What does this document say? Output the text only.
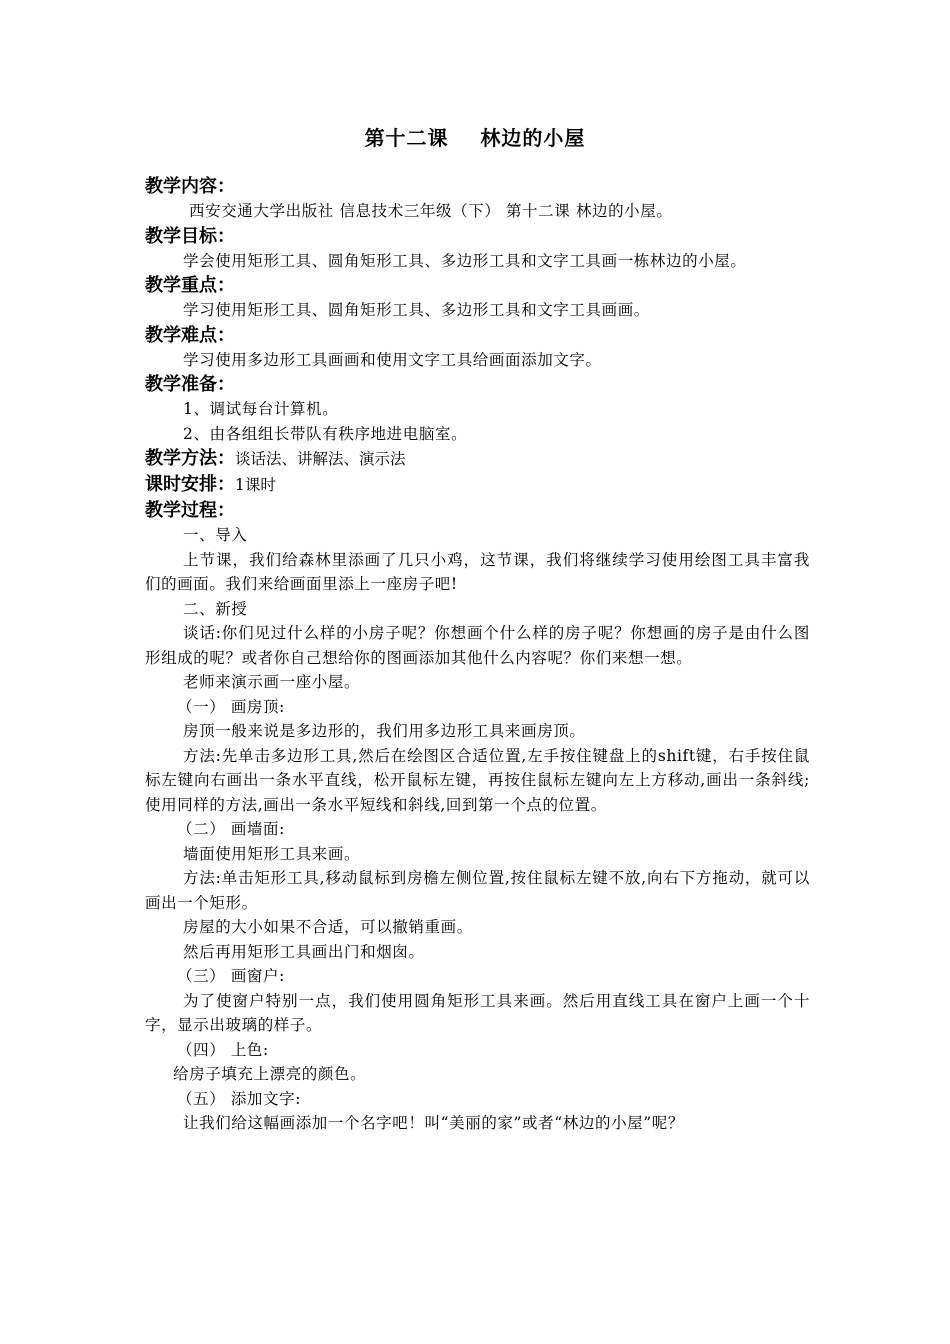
第十二课    林边的小屋
教学内容：
西安交通大学出版社 信息技术三年级（下） 第十二课 林边的小屋。
教学目标：
学会使用矩形工具、圆角矩形工具、多边形工具和文字工具画一栋林边的小屋。
教学重点：
学习使用矩形工具、圆角矩形工具、多边形工具和文字工具画画。
教学难点：
学习使用多边形工具画画和使用文字工具给画面添加文字。
教学准备：
1、调试每台计算机。
2、由各组组长带队有秩序地进电脑室。
教学方法：谈话法、讲解法、演示法
课时安排：1课时
教学过程：
一、导入
上节课，我们给森林里添画了几只小鸡，这节课，我们将继续学习使用绘图工具丰富我们的画面。我们来给画面里添上一座房子吧!
二、新授
谈话:你们见过什么样的小房子呢？你想画个什么样的房子呢？你想画的房子是由什么图形组成的呢？或者你自己想给你的图画添加其他什么内容呢？你们来想一想。
老师来演示画一座小屋。
（一） 画房顶:
房顶一般来说是多边形的，我们用多边形工具来画房顶。
方法:先单击多边形工具,然后在绘图区合适位置,左手按住键盘上的shift键，右手按住鼠标左键向右画出一条水平直线，松开鼠标左键，再按住鼠标左键向左上方移动,画出一条斜线;使用同样的方法,画出一条水平短线和斜线,回到第一个点的位置。
（二） 画墙面:
墙面使用矩形工具来画。
方法:单击矩形工具,移动鼠标到房檐左侧位置,按住鼠标左键不放,向右下方拖动，就可以画出一个矩形。
房屋的大小如果不合适，可以撤销重画。
然后再用矩形工具画出门和烟囱。
（三） 画窗户:
为了使窗户特别一点，我们使用圆角矩形工具来画。然后用直线工具在窗户上画一个十字，显示出玻璃的样子。
（四） 上色:
给房子填充上漂亮的颜色。
（五） 添加文字:
让我们给这幅画添加一个名字吧！叫“美丽的家”或者“林边的小屋”呢？
